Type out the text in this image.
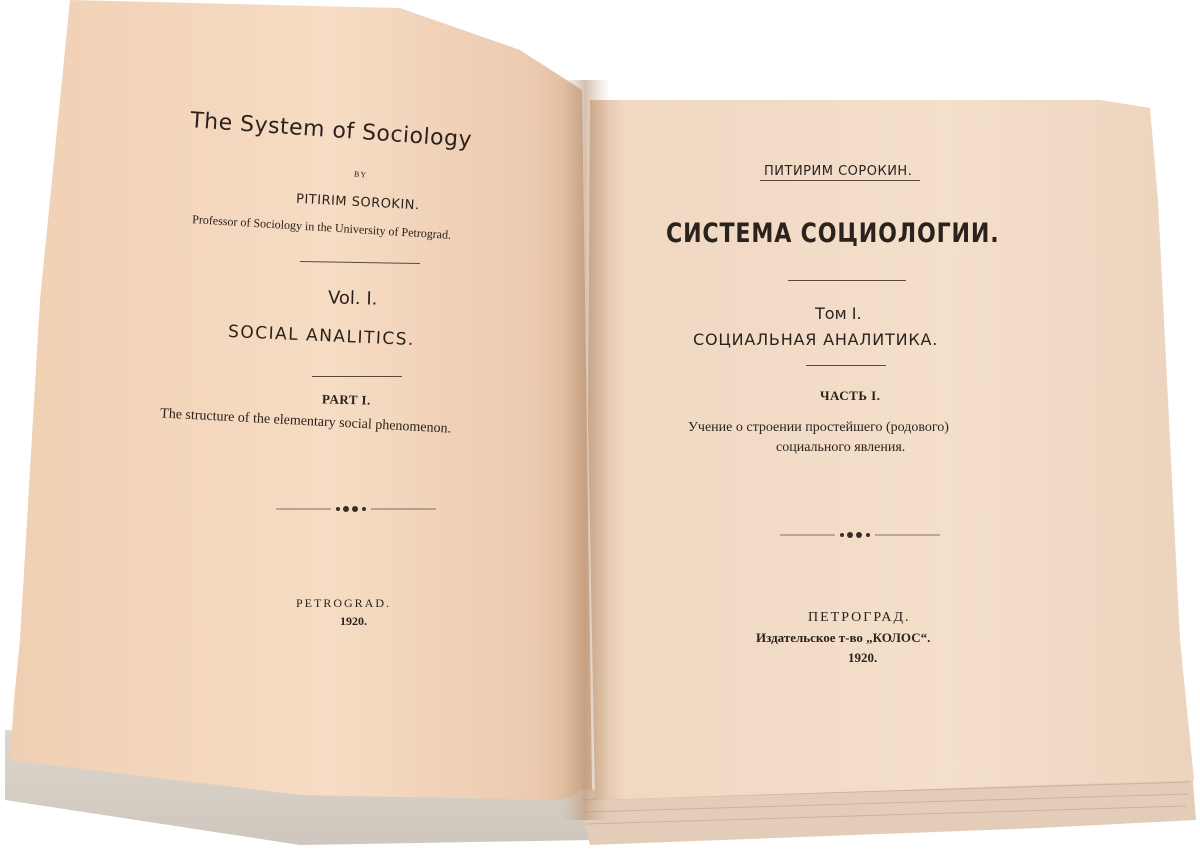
The System of Sociology
BY
PITIRIM SOROKIN.
Professor of Sociology in the University of Petrograd.
Vol. I.
SOCIAL ANALITICS.
PART I.
The structure of the elementary social phenomenon.
PETROGRAD.
1920.
ПИТИРИМ СОРОКИН.
СИСТЕМА СОЦИОЛОГИИ.
Том I.
СОЦИАЛЬНАЯ АНАЛИТИКА.
ЧАСТЬ I.
Учение о строении простейшего (родового)
социального явления.
ПЕТРОГРАД.
Издательское т-во „КОЛОС“.
1920.
